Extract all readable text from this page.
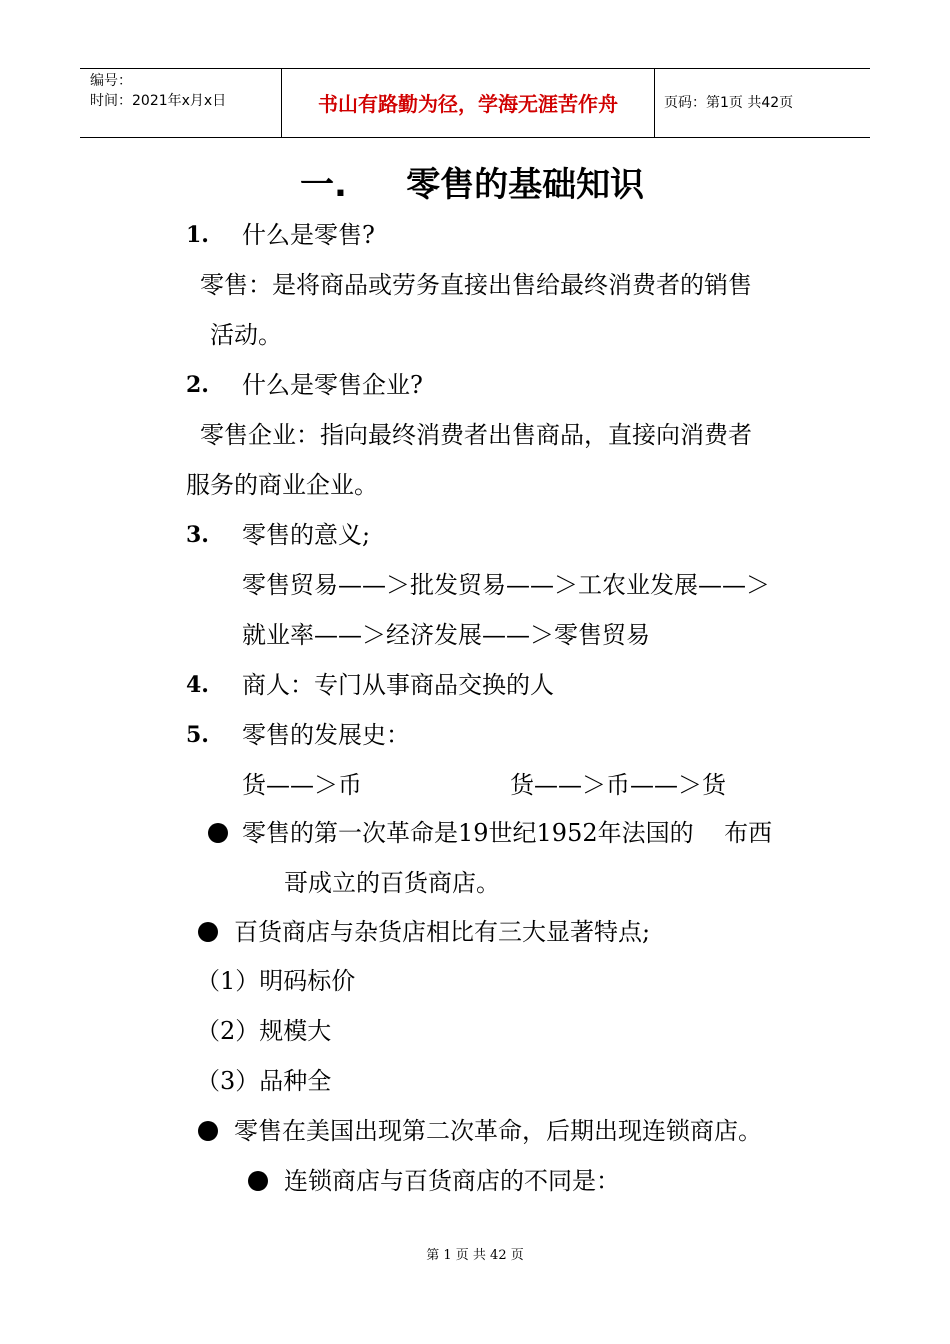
编号：
时间：2021年x月x日	书山有路勤为径，学海无涯苦作舟	页码：第1页 共42页
一.     零售的基础知识
1. 什么是零售?
零售：是将商品或劳务直接出售给最终消费者的销售
活动。
2. 什么是零售企业?
零售企业：指向最终消费者出售商品，直接向消费者
服务的商业企业。
3. 零售的意义;
零售贸易——＞批发贸易——＞工农业发展——＞
就业率——＞经济发展——＞零售贸易
4. 商人：专门从事商品交换的人
5. 零售的发展史：
货——＞币	货——＞币——＞货
零售的第一次革命是19世纪1952年法国的    布西
哥成立的百货商店。
百货商店与杂货店相比有三大显著特点;
（1）明码标价
（2）规模大
（3）品种全
零售在美国出现第二次革命，后期出现连锁商店。
连锁商店与百货商店的不同是：
第 1 页 共 42 页
